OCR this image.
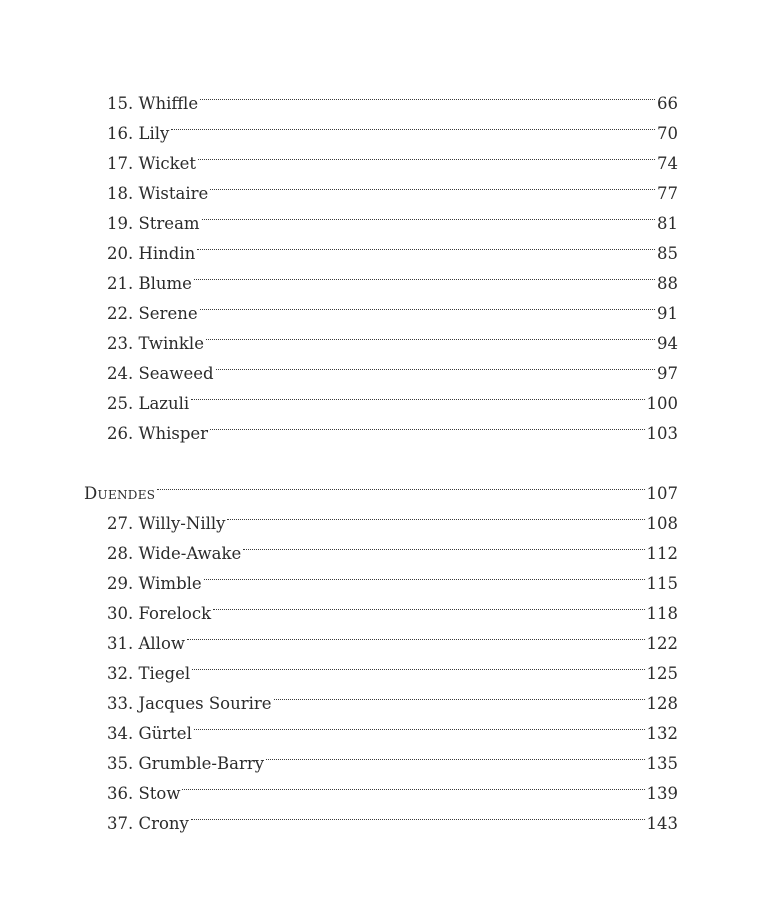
15. Whiffle	66
16. Lily	70
17. Wicket	74
18. Wistaire	77
19. Stream	81
20. Hindin	85
21. Blume	88
22. Serene	91
23. Twinkle	94
24. Seaweed	97
25. Lazuli	100
26. Whisper	103
Duendes	107
27. Willy-Nilly	108
28. Wide-Awake	112
29. Wimble	115
30. Forelock	118
31. Allow	122
32. Tiegel	125
33. Jacques Sourire	128
34. Gürtel	132
35. Grumble-Barry	135
36. Stow	139
37. Crony	143
